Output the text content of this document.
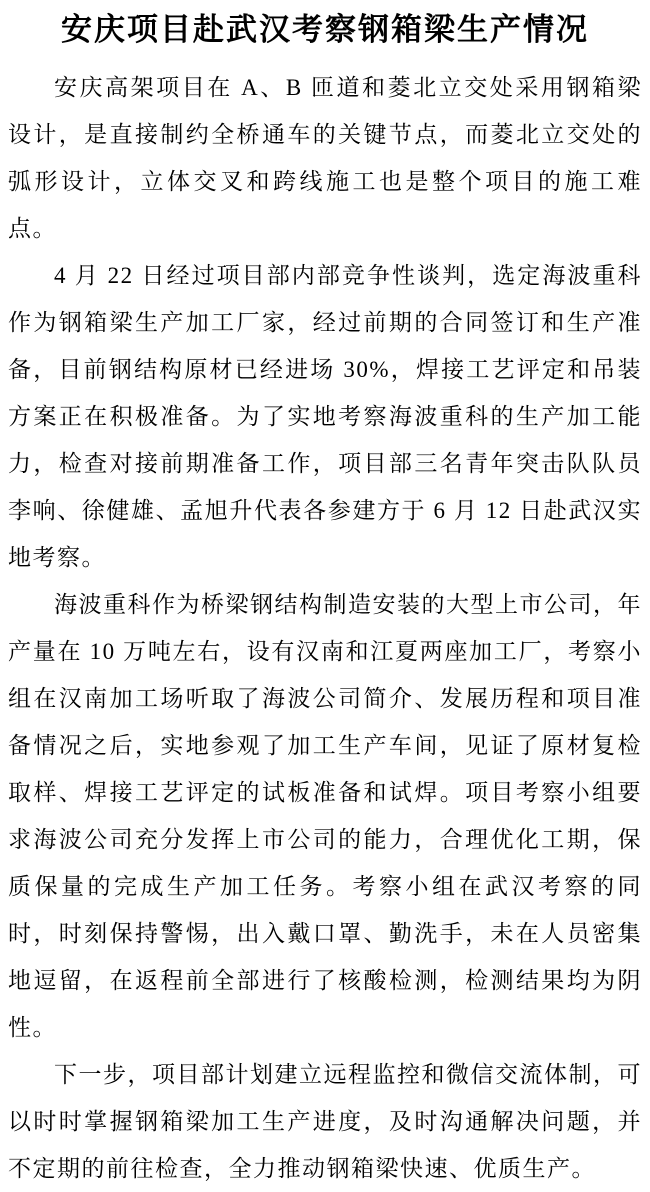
安庆项目赴武汉考察钢箱梁生产情况

安庆高架项目在 A、B 匝道和菱北立交处采用钢箱梁设计，是直接制约全桥通车的关键节点，而菱北立交处的弧形设计，立体交叉和跨线施工也是整个项目的施工难点。

4 月 22 日经过项目部内部竞争性谈判，选定海波重科作为钢箱梁生产加工厂家，经过前期的合同签订和生产准备，目前钢结构原材已经进场 30%，焊接工艺评定和吊装方案正在积极准备。为了实地考察海波重科的生产加工能力，检查对接前期准备工作，项目部三名青年突击队队员李响、徐健雄、孟旭升代表各参建方于 6 月 12 日赴武汉实地考察。

海波重科作为桥梁钢结构制造安装的大型上市公司，年产量在 10 万吨左右，设有汉南和江夏两座加工厂，考察小组在汉南加工场听取了海波公司简介、发展历程和项目准备情况之后，实地参观了加工生产车间，见证了原材复检取样、焊接工艺评定的试板准备和试焊。项目考察小组要求海波公司充分发挥上市公司的能力，合理优化工期，保质保量的完成生产加工任务。考察小组在武汉考察的同时，时刻保持警惕，出入戴口罩、勤洗手，未在人员密集地逗留，在返程前全部进行了核酸检测，检测结果均为阴性。

下一步，项目部计划建立远程监控和微信交流体制，可以时时掌握钢箱梁加工生产进度，及时沟通解决问题，并不定期的前往检查，全力推动钢箱梁快速、优质生产。
